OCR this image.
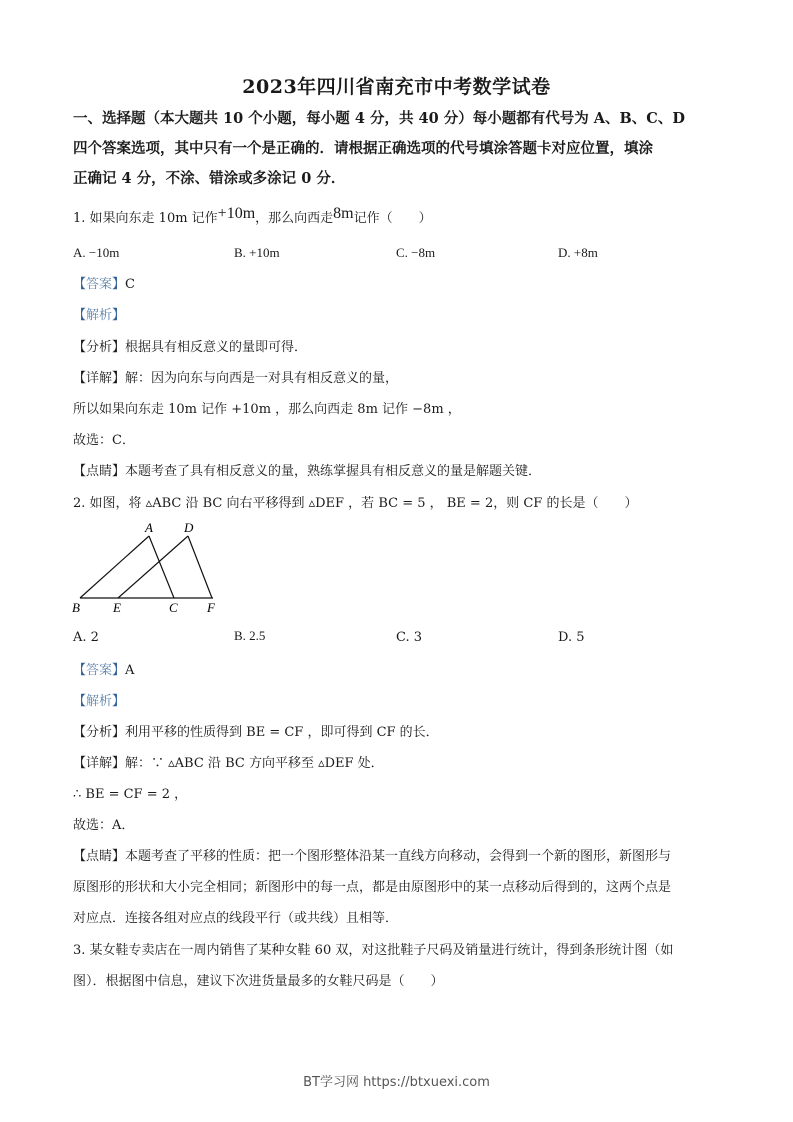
2023年四川省南充市中考数学试卷
一、选择题（本大题共 10 个小题，每小题 4 分，共 40 分）每小题都有代号为 A、B、C、D
四个答案选项，其中只有一个是正确的．请根据正确选项的代号填涂答题卡对应位置，填涂
正确记 4 分，不涂、错涂或多涂记 0 分．
1. 如果向东走 10m 记作+10m，那么向西走8m记作（　　）
A. −10m	B. +10m	C. −8m	D. +8m
【答案】C
【解析】
【分析】根据具有相反意义的量即可得．
【详解】解：因为向东与向西是一对具有相反意义的量，
所以如果向东走 10m 记作 +10m ，那么向西走 8m 记作 −8m ，
故选：C．
【点睛】本题考查了具有相反意义的量，熟练掌握具有相反意义的量是解题关键．
2. 如图，将 ▵ABC 沿 BC 向右平移得到 ▵DEF ，若 BC = 5 ， BE = 2，则 CF 的长是（　　）
A D
B	E	C F
A. 2	B. 2.5	C. 3	D. 5
【答案】A
【解析】
【分析】利用平移的性质得到 BE = CF ，即可得到 CF 的长．
【详解】解：∵ ▵ABC 沿 BC 方向平移至 ▵DEF 处．
∴ BE = CF = 2 ，
故选：A．
【点睛】本题考查了平移的性质：把一个图形整体沿某一直线方向移动，会得到一个新的图形，新图形与
原图形的形状和大小完全相同；新图形中的每一点，都是由原图形中的某一点移动后得到的，这两个点是
对应点．连接各组对应点的线段平行（或共线）且相等．
3. 某女鞋专卖店在一周内销售了某种女鞋 60 双，对这批鞋子尺码及销量进行统计，得到条形统计图（如
图）．根据图中信息，建议下次进货量最多的女鞋尺码是（　　）
BT学习网 https://btxuexi.com
